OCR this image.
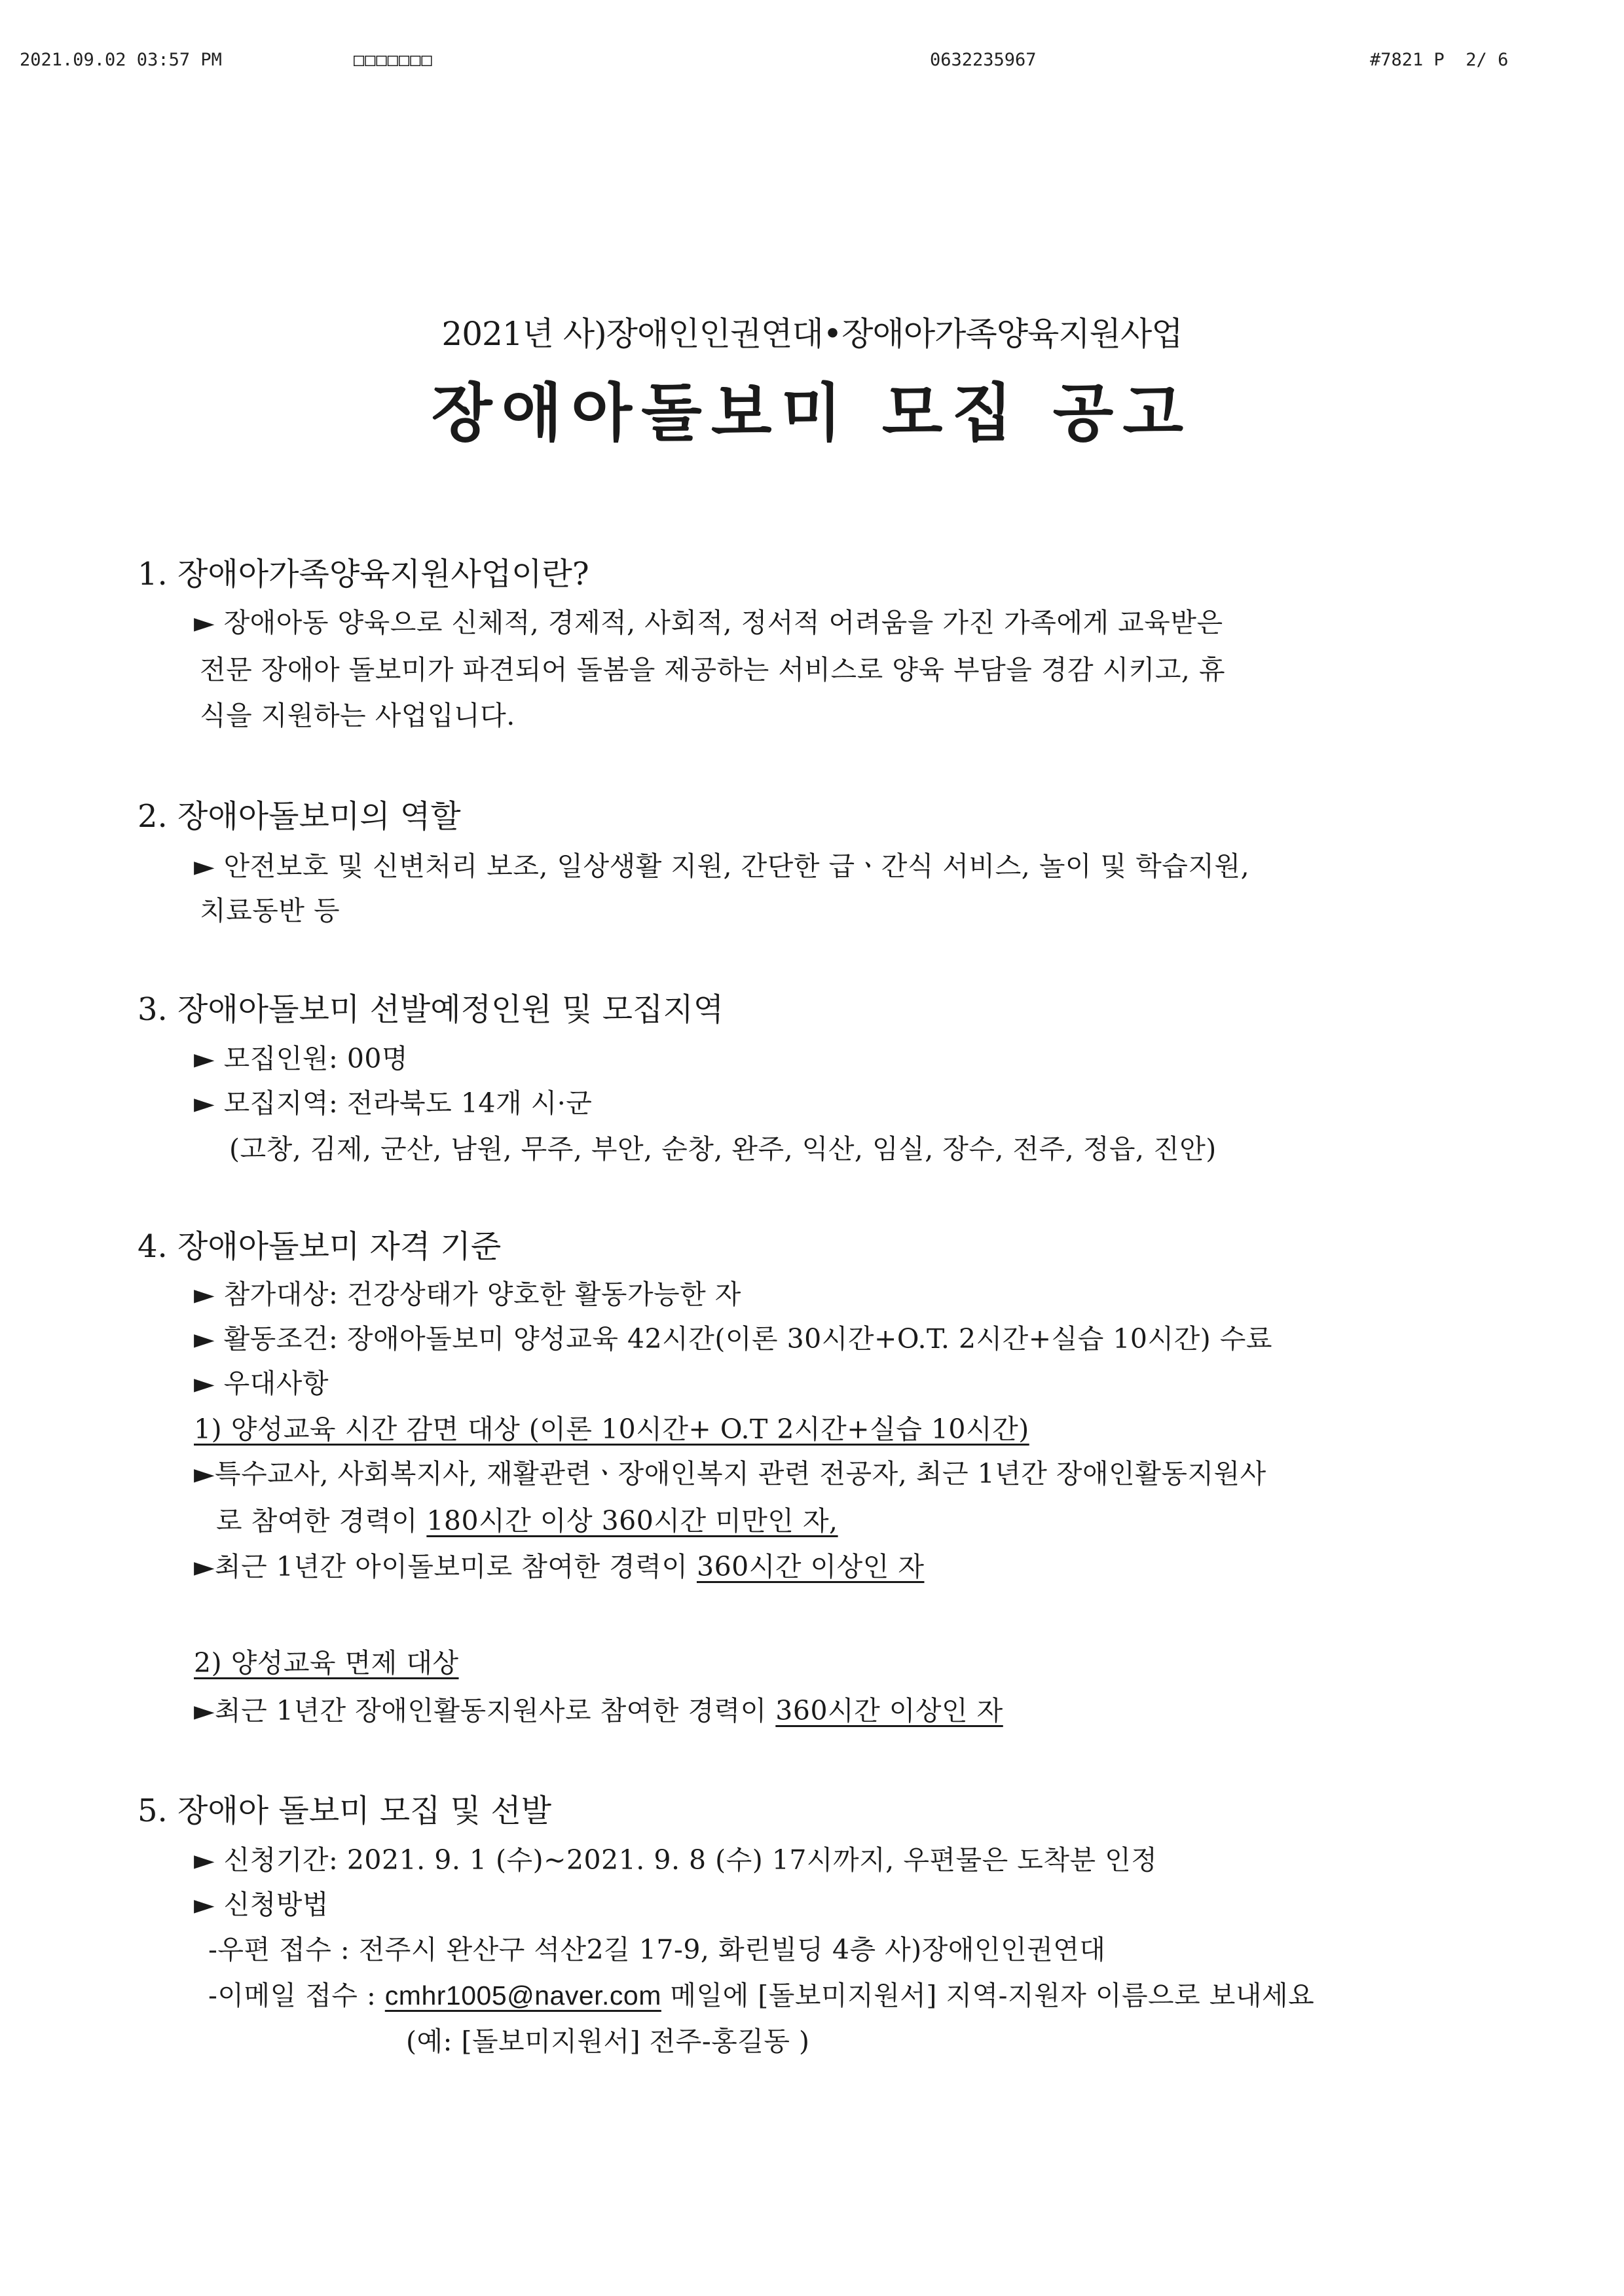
2021.09.02 03:57 PM	□□□□□□□	0632235967	#7821 P  2/ 6
2021년 사)장애인인권연대•장애아가족양육지원사업
장애아돌보미 모집 공고
1. 장애아가족양육지원사업이란?
► 장애아동 양육으로 신체적, 경제적, 사회적, 정서적 어려움을 가진 가족에게 교육받은
전문 장애아 돌보미가 파견되어 돌봄을 제공하는 서비스로 양육 부담을 경감 시키고, 휴
식을 지원하는 사업입니다.
2. 장애아돌보미의 역할
► 안전보호 및 신변처리 보조, 일상생활 지원, 간단한 급ㆍ간식 서비스, 놀이 및 학습지원,
치료동반 등
3. 장애아돌보미 선발예정인원 및 모집지역
► 모집인원: 00명
► 모집지역: 전라북도 14개 시·군
(고창, 김제, 군산, 남원, 무주, 부안, 순창, 완주, 익산, 임실, 장수, 전주, 정읍, 진안)
4. 장애아돌보미 자격 기준
► 참가대상: 건강상태가 양호한 활동가능한 자
► 활동조건: 장애아돌보미 양성교육 42시간(이론 30시간+O.T. 2시간+실습 10시간) 수료
► 우대사항
1) 양성교육 시간 감면 대상 (이론 10시간+ O.T 2시간+실습 10시간)
►특수교사, 사회복지사, 재활관련ㆍ장애인복지 관련 전공자, 최근 1년간 장애인활동지원사
로 참여한 경력이 180시간 이상 360시간 미만인 자,
►최근 1년간 아이돌보미로 참여한 경력이 360시간 이상인 자
2) 양성교육 면제 대상
►최근 1년간 장애인활동지원사로 참여한 경력이 360시간 이상인 자
5. 장애아 돌보미 모집 및 선발
► 신청기간: 2021. 9. 1 (수)~2021. 9. 8 (수) 17시까지, 우편물은 도착분 인정
► 신청방법
-우편 접수 : 전주시 완산구 석산2길 17-9, 화린빌딩 4층 사)장애인인권연대
-이메일 접수 : cmhr1005@naver.com 메일에 [돌보미지원서] 지역-지원자 이름으로 보내세요
(예: [돌보미지원서] 전주-홍길동 )
